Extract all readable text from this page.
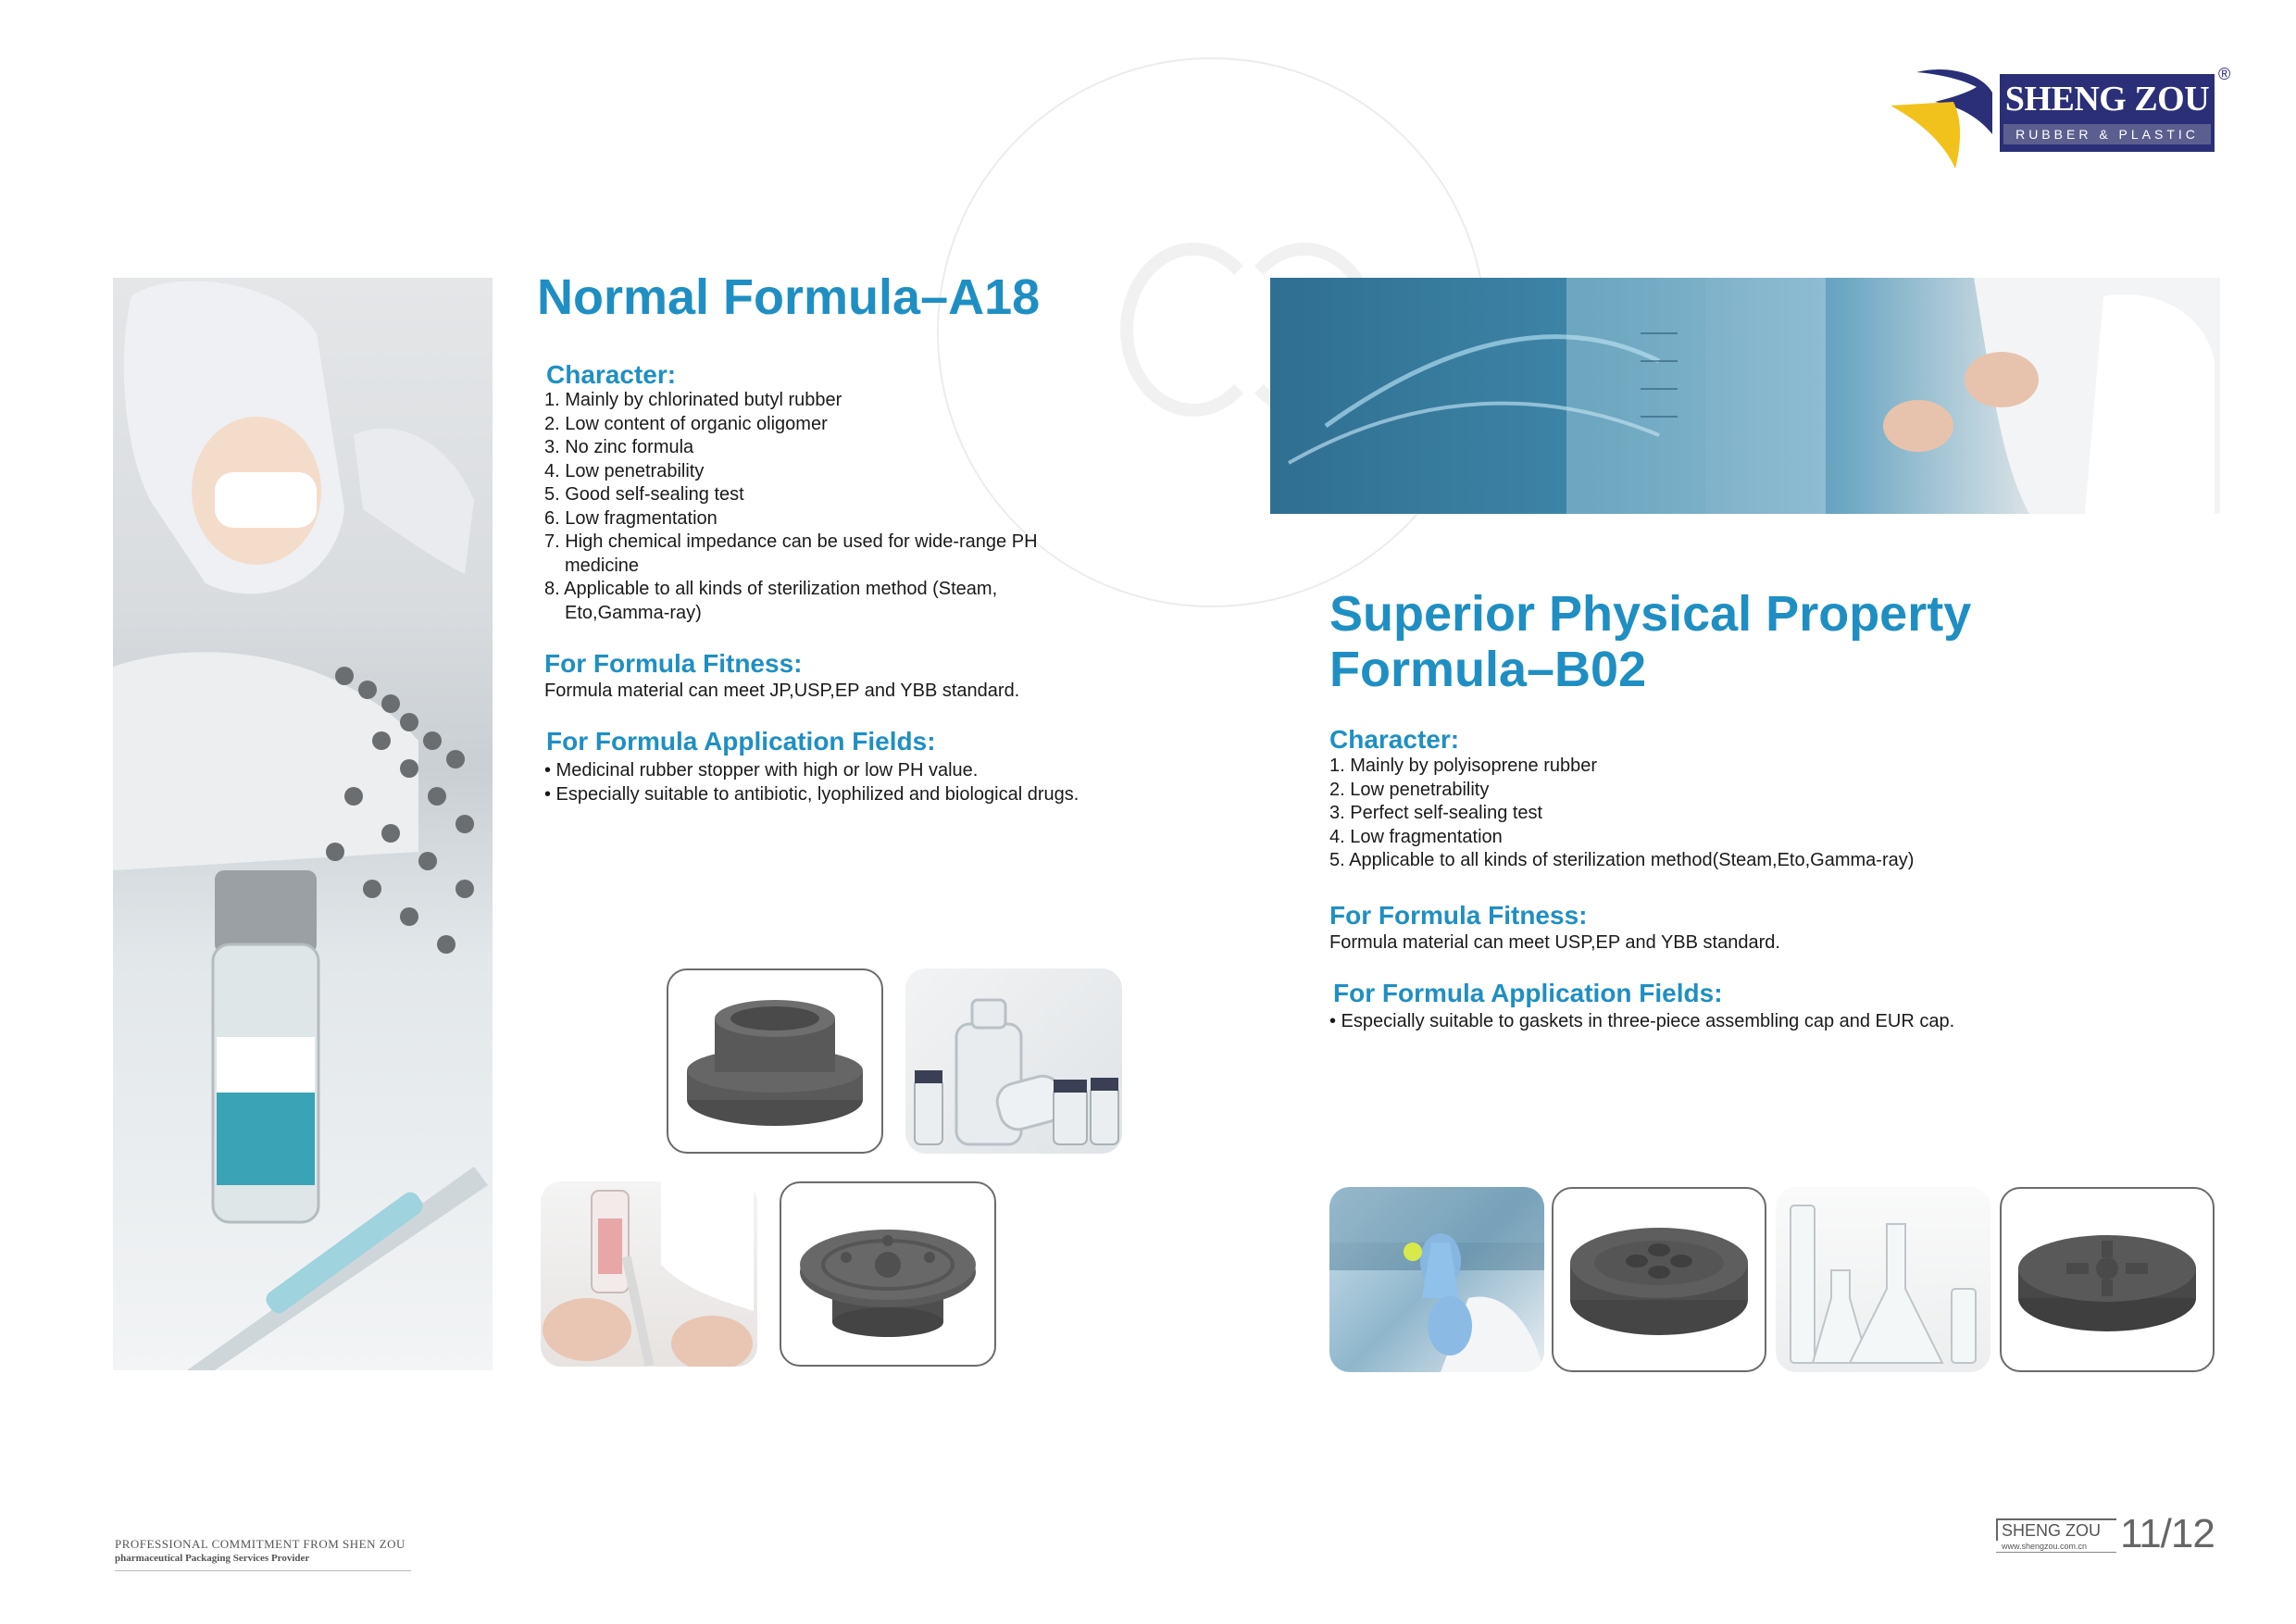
SHENG ZOU
RUBBER & PLASTIC
®
Normal Formula–A18
Character:
1. Mainly by chlorinated butyl rubber
2. Low content of organic oligomer
3. No zinc formula
4. Low penetrability
5. Good self-sealing test
6. Low fragmentation
7. High chemical impedance can be used for wide-range PH medicine
8. Applicable to all kinds of sterilization method (Steam, Eto,Gamma-ray)
For Formula Fitness:

Formula material can meet JP,USP,EP and YBB standard.

For Formula Application Fields:
• Medicinal rubber stopper with high or low PH value.
• Especially suitable to antibiotic, lyophilized and biological drugs.
Superior Physical Property
Formula–B02
Character:
1. Mainly by polyisoprene rubber
2. Low penetrability
3. Perfect self-sealing test
4. Low fragmentation
5. Applicable to all kinds of sterilization method(Steam,Eto,Gamma-ray)
For Formula Fitness:

Formula material can meet USP,EP and YBB standard.

For Formula Application Fields:
• Especially suitable to gaskets in three-piece assembling cap and EUR cap.
PROFESSIONAL COMMITMENT FROM SHEN ZOU
pharmaceutical Packaging Services Provider
SHENG ZOU
www.shengzou.com.cn 11/12
